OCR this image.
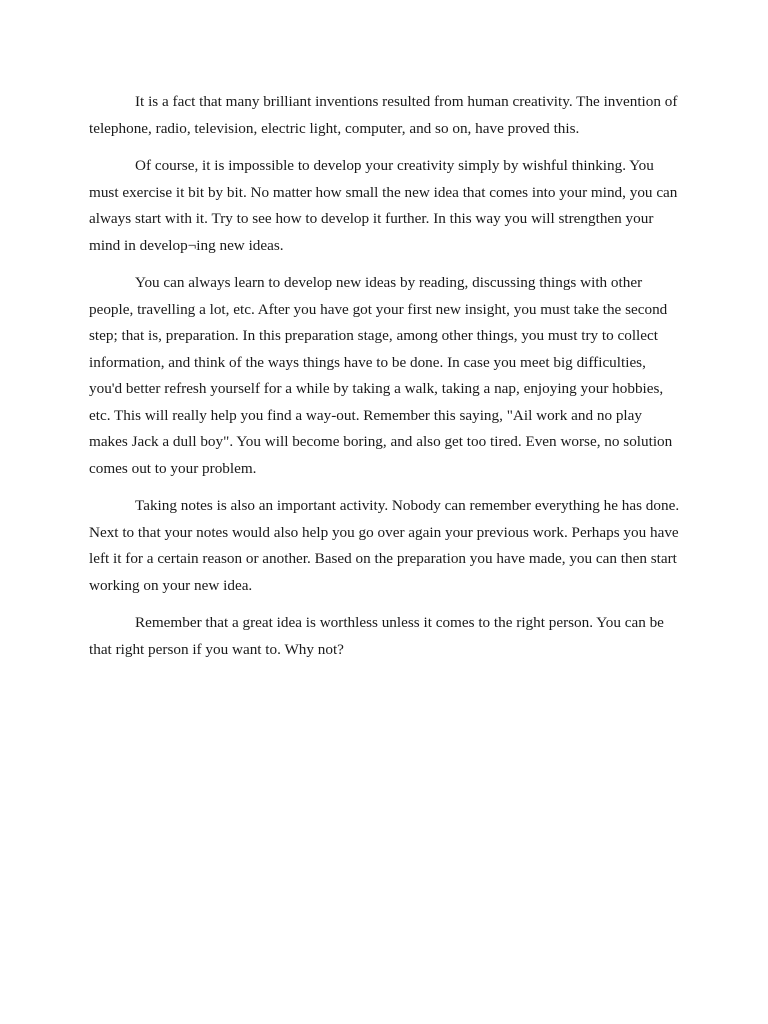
It is a fact that many brilliant inventions resulted from human creativity. The invention of telephone, radio, television, electric light, computer, and so on, have proved this.

Of course, it is impossible to develop your creativity simply by wishful thinking. You must exercise it bit by bit. No matter how small the new idea that comes into your mind, you can always start with it. Try to see how to develop it further. In this way you will strengthen your mind in develop¬ing new ideas.

You can always learn to develop new ideas by reading, discussing things with other people, travelling a lot, etc. After you have got your first new insight, you must take the second step; that is, preparation. In this preparation stage, among other things, you must try to collect information, and think of the ways things have to be done. In case you meet big difficulties, you'd better refresh yourself for a while by taking a walk, taking a nap, enjoying your hobbies, etc. This will really help you find a way-out. Remember this saying, "Ail work and no play makes Jack a dull boy". You will become boring, and also get too tired. Even worse, no solution comes out to your problem.

Taking notes is also an important activity. Nobody can remember everything he has done. Next to that your notes would also help you go over again your previous work. Perhaps you have left it for a certain reason or another. Based on the preparation you have made, you can then start working on your new idea.

Remember that a great idea is worthless unless it comes to the right person. You can be that right person if you want to. Why not?
